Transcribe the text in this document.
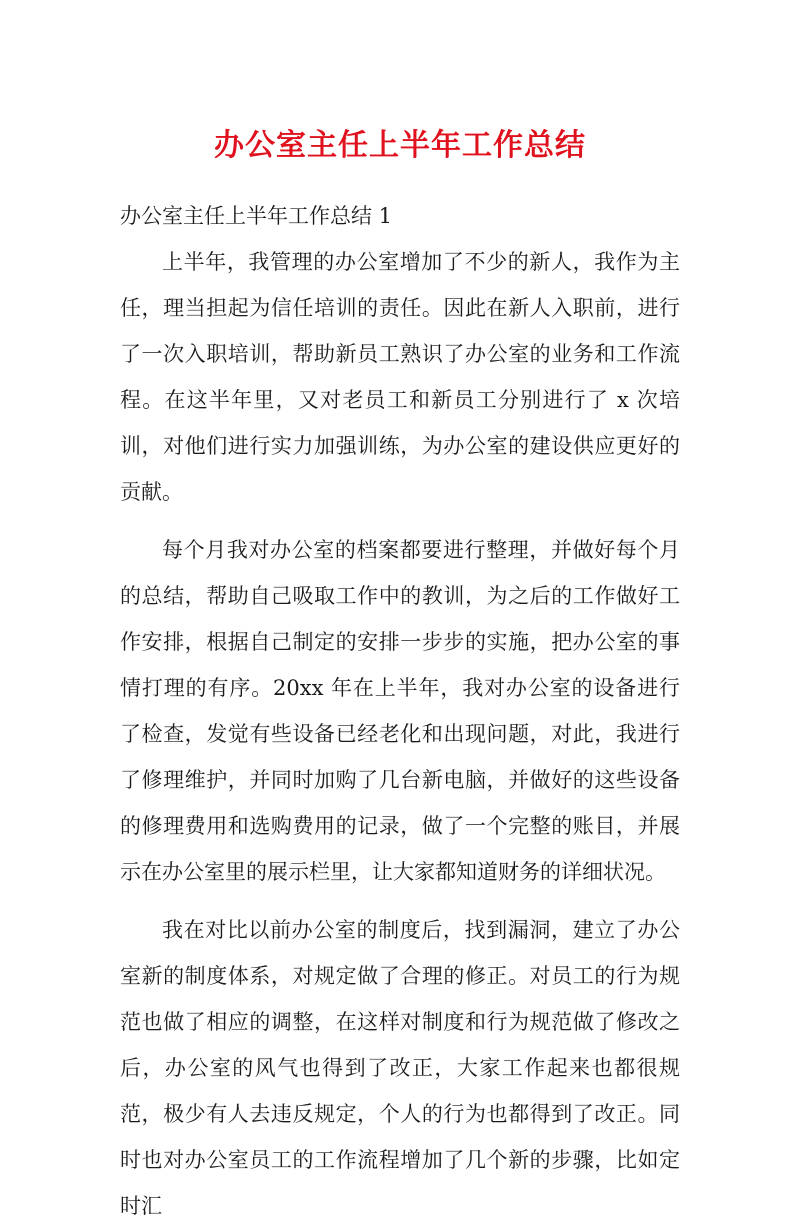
办公室主任上半年工作总结

办公室主任上半年工作总结 1

上半年，我管理的办公室增加了不少的新人，我作为主任，理当担起为信任培训的责任。因此在新人入职前，进行了一次入职培训，帮助新员工熟识了办公室的业务和工作流程。在这半年里，又对老员工和新员工分别进行了 x 次培训，对他们进行实力加强训练，为办公室的建设供应更好的贡献。

每个月我对办公室的档案都要进行整理，并做好每个月的总结，帮助自己吸取工作中的教训，为之后的工作做好工作安排，根据自己制定的安排一步步的实施，把办公室的事情打理的有序。20xx 年在上半年，我对办公室的设备进行了检查，发觉有些设备已经老化和出现问题，对此，我进行了修理维护，并同时加购了几台新电脑，并做好的这些设备的修理费用和选购费用的记录，做了一个完整的账目，并展示在办公室里的展示栏里，让大家都知道财务的详细状况。

我在对比以前办公室的制度后，找到漏洞，建立了办公室新的制度体系，对规定做了合理的修正。对员工的行为规范也做了相应的调整，在这样对制度和行为规范做了修改之后，办公室的风气也得到了改正，大家工作起来也都很规范，极少有人去违反规定，个人的行为也都得到了改正。同时也对办公室员工的工作流程增加了几个新的步骤，比如定时汇
